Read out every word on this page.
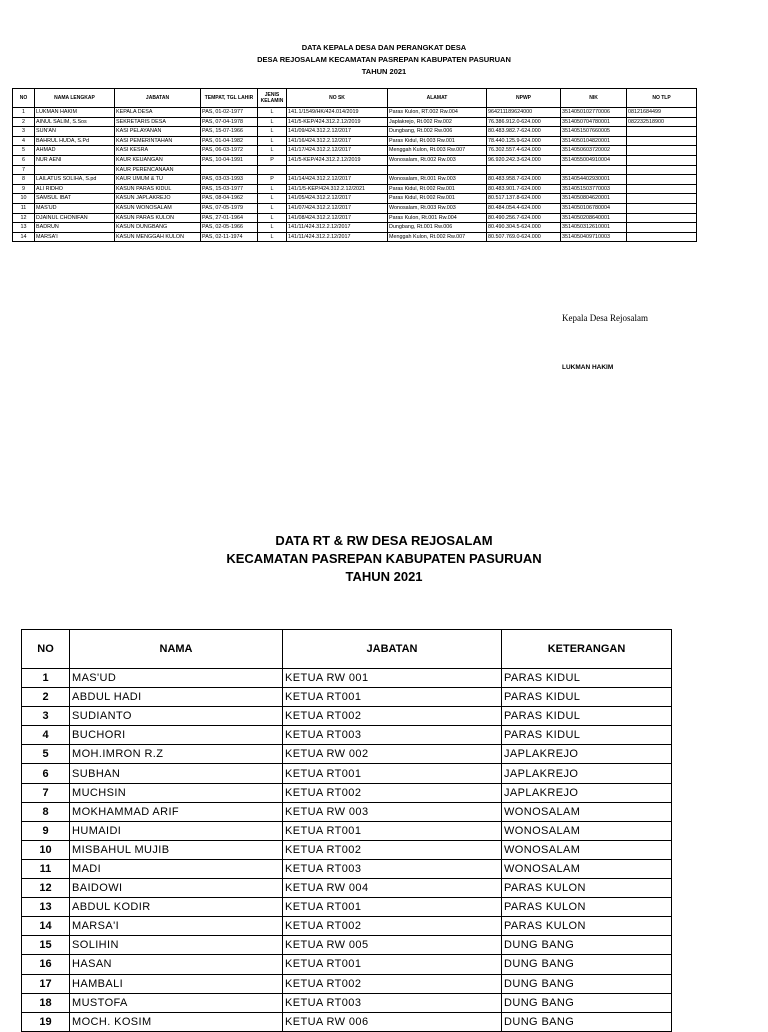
DATA KEPALA DESA DAN PERANGKAT DESA
DESA REJOSALAM KECAMATAN PASREPAN KABUPATEN PASURUAN
TAHUN 2021
NO	NAMA LENGKAP	JABATAN	TEMPAT, TGL LAHIR	JENIS KELAMIN	NO SK	ALAMAT	NPWP	NIK	NO TLP
1	LUKMAN HAKIM	KEPALA DESA	PAS, 01-02-1977	L	141.1/1549/HK/424.014/2019	Paras Kulon, RT.002 Rw.004	964211189624000	3514050102770006	08121684499
2	AINUL SALIM, S.Sos	SEKRETARIS DESA	PAS, 07-04-1978	L	141/5-KEP/424.312.2.12/2019	Japlakrejo, Rt.002 Rw.002	76.386.912.0-624.000	3514050704780001	082232518900
3	SUN'AN	KASI PELAYANAN	PAS, 15-07-1966	L	141/09/424.312.2.12/2017	Dungbang, Rt.002 Rw.006	80.483.982.7-624.000	3514051507660005	
4	BAHRUL HUDA, S.Pd	KASI PEMERINTAHAN	PAS, 01-04-1982	L	141/16/424.312.2.12/2017	Paras Kidul, Rt.003 Rw.001	78.440.125.9-624.000	3514050104820001	
5	AHMAD	KASI KESRA	PAS, 06-03-1972	L	141/17/424.312.2.12/2017	Menggah Kulon, Rt.003 Rw.007	76.302.557.4-624.000	3514050603720002	
6	NUR AENI	KAUR KEUANGAN	PAS, 10-04-1991	P	141/5-KEP/424.312.2.12/2019	Wonosalam, Rt.002 Rw.003	96.920.242.3-624.000	3514055004910004	
7		KAUR PERENCANAAN							
8	LAILATUS SOLIHA, S.pd	KAUR UMUM & TU	PAS, 03-03-1993	P	141/14/424.312.2.12/2017	Wonosalam, Rt.001 Rw.003	80.483.958.7-624.000	3514054402930001	
9	ALI RIDHO	KASUN PARAS KIDUL	PAS, 15-03-1977	L	141/1/5-KEP/424.312.2.12/2021	Paras Kidul, Rt.002 Rw.001	80.483.901.7-624.000	3514051503770003	
10	SAMSUL IBAT	KASUN JAPLAKREJO	PAS, 08-04-1962	L	141/05/424.312.2.12/2017	Paras Kidul, Rt.002 Rw.001	80.517.137.8-624.000	3514050804620001	
11	MAS'UD	KASUN WONOSALAM	PAS, 07-05-1979	L	141/07/424.312.2.12/2017	Wonosalam, Rt.003 Rw.003	80.484.054.4-624.000	3514050106780004	
12	DJAINUL CHONIFAN	KASUN PARAS KULON	PAS, 27-01-1964	L	141/08/424.312.2.12/2017	Paras Kulon, Rt.001 Rw.004	80.490.256.7-624.000	3514050208640001	
13	BADRUN	KASUN DUNGBANG	PAS, 02-05-1966	L	141/11/424.312.2.12/2017	Dungbang, Rt.001 Rw.006	80.490.304.5-624.000	3514050312610001	
14	MARSA'I	KASUN MENGGAH KULON	PAS, 02-11-1974	L	141/11/424.312.2.12/2017	Menggah Kulon, Rt.002 Rw.007	80.507.769.0-624.000	3514050409710003	
Kepala Desa Rejosalam
LUKMAN HAKIM
DATA RT & RW DESA REJOSALAM
KECAMATAN PASREPAN KABUPATEN PASURUAN
TAHUN 2021
NO	NAMA	JABATAN	KETERANGAN
1	MAS'UD	KETUA RW 001	PARAS KIDUL
2	ABDUL HADI	KETUA RT001	PARAS KIDUL
3	SUDIANTO	KETUA RT002	PARAS KIDUL
4	BUCHORI	KETUA RT003	PARAS KIDUL
5	MOH.IMRON R.Z	KETUA RW 002	JAPLAKREJO
6	SUBHAN	KETUA RT001	JAPLAKREJO
7	MUCHSIN	KETUA RT002	JAPLAKREJO
8	MOKHAMMAD ARIF	KETUA RW 003	WONOSALAM
9	HUMAIDI	KETUA RT001	WONOSALAM
10	MISBAHUL MUJIB	KETUA RT002	WONOSALAM
11	MADI	KETUA RT003	WONOSALAM
12	BAIDOWI	KETUA RW 004	PARAS KULON
13	ABDUL KODIR	KETUA RT001	PARAS KULON
14	MARSA'I	KETUA RT002	PARAS KULON
15	SOLIHIN	KETUA RW 005	DUNG BANG
16	HASAN	KETUA RT001	DUNG BANG
17	HAMBALI	KETUA RT002	DUNG BANG
18	MUSTOFA	KETUA RT003	DUNG BANG
19	MOCH. KOSIM	KETUA RW 006	DUNG BANG
